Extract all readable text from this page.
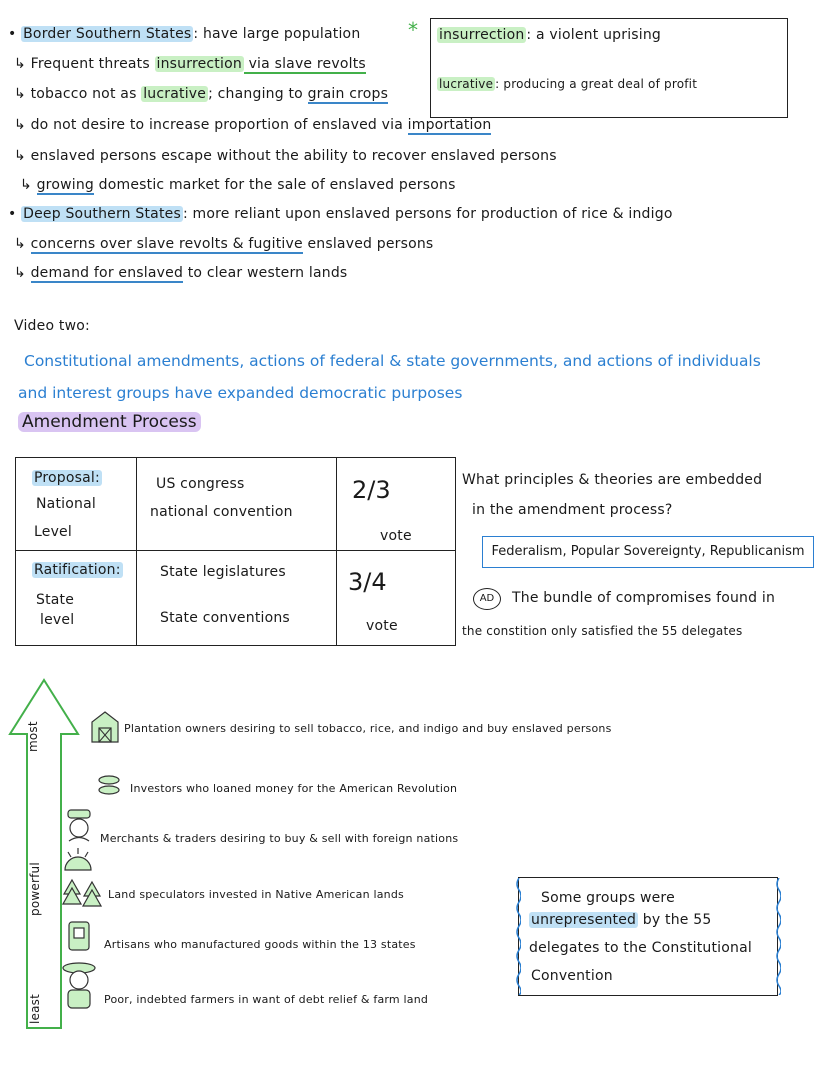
• Border Southern States : have large population
↳ Frequent threats insurrection via slave revolts
↳ tobacco not as lucrative ; changing to grain crops
↳ do not desire to increase proportion of enslaved via importation
↳ enslaved persons escape without the ability to recover enslaved persons
↳ growing domestic market for the sale of enslaved persons
* insurrection : a violent uprising
lucrative : producing a great deal of profit
• Deep Southern States : more reliant upon enslaved persons for production of rice & indigo
↳ concerns over slave revolts & fugitive enslaved persons
↳ demand for enslaved to clear western lands
Video two:
Constitutional amendments, actions of federal & state governments, and actions of individuals
and interest groups have expanded democratic purposes
Amendment Process
Proposal:
National
Level
US congress
national convention
2/3
vote
Ratification:
State
level
State legislatures
State conventions
3/4
vote
What principles & theories are embedded
in the amendment process?
Federalism, Popular Sovereignty, Republicanism
AD	The bundle of compromises found in
the constition only satisfied the 55 delegates
most
powerful
least
Plantation owners desiring to sell tobacco, rice, and indigo and buy enslaved persons
Investors who loaned money for the American Revolution
Merchants & traders desiring to buy & sell with foreign nations
Land speculators invested in Native American lands
Artisans who manufactured goods within the 13 states
Poor, indebted farmers in want of debt relief & farm land
Some groups were
unrepresented by the 55
delegates to the Constitutional
Convention
